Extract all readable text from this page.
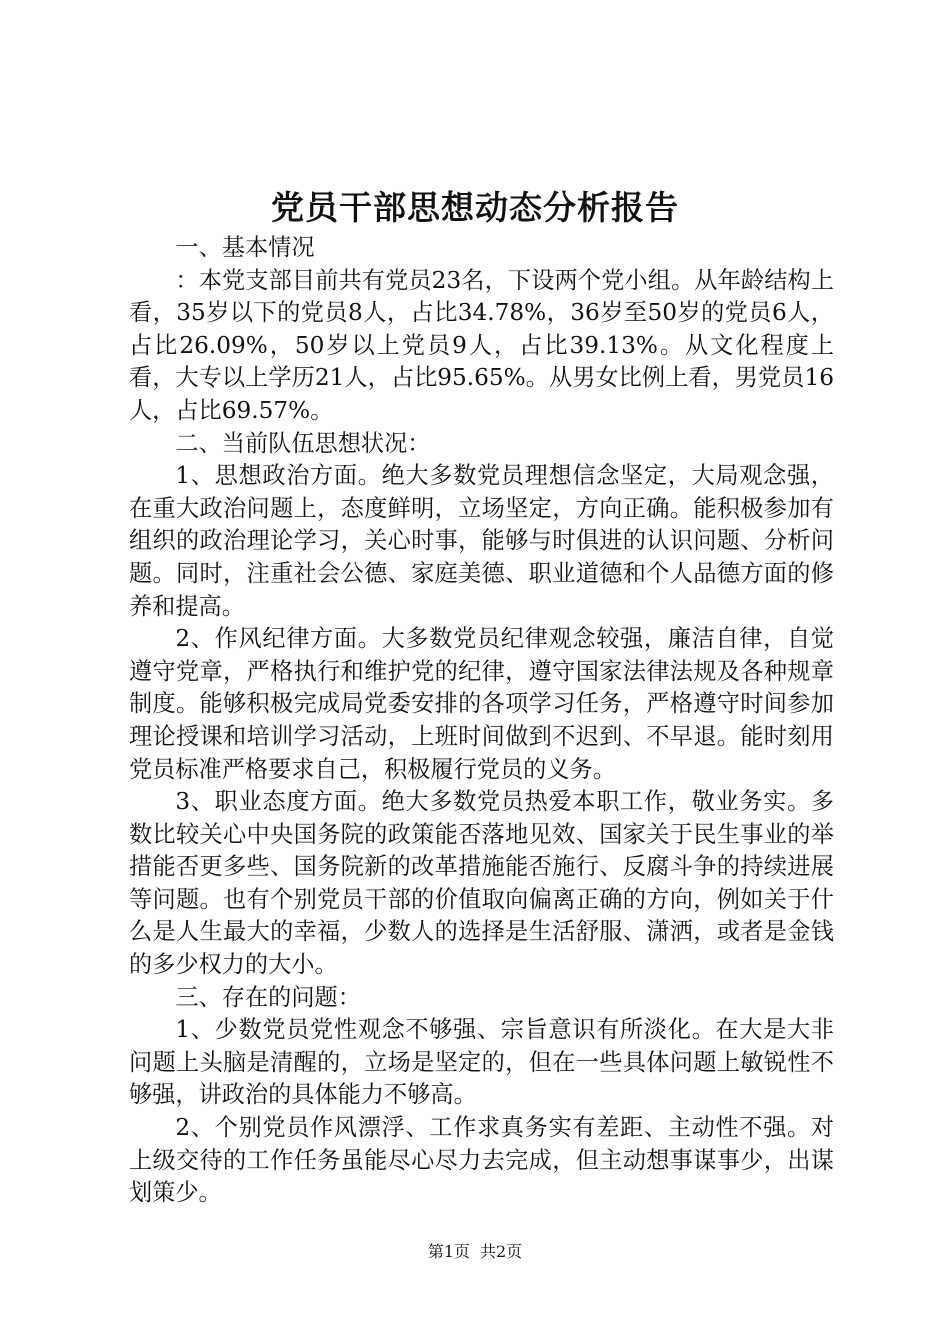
党员干部思想动态分析报告

一、基本情况

：本党支部目前共有党员23名，下设两个党小组。从年龄结构上看，35岁以下的党员8人，占比34.78%，36岁至50岁的党员6人，占比26.09%，50岁以上党员9人，占比39.13%。从文化程度上看，大专以上学历21人，占比95.65%。从男女比例上看，男党员16人，占比69.57%。

二、当前队伍思想状况：

1、思想政治方面。绝大多数党员理想信念坚定，大局观念强，在重大政治问题上，态度鲜明，立场坚定，方向正确。能积极参加有组织的政治理论学习，关心时事，能够与时俱进的认识问题、分析问题。同时，注重社会公德、家庭美德、职业道德和个人品德方面的修养和提高。

2、作风纪律方面。大多数党员纪律观念较强，廉洁自律，自觉遵守党章，严格执行和维护党的纪律，遵守国家法律法规及各种规章制度。能够积极完成局党委安排的各项学习任务，严格遵守时间参加理论授课和培训学习活动，上班时间做到不迟到、不早退。能时刻用党员标准严格要求自己，积极履行党员的义务。

3、职业态度方面。绝大多数党员热爱本职工作，敬业务实。多数比较关心中央国务院的政策能否落地见效、国家关于民生事业的举措能否更多些、国务院新的改革措施能否施行、反腐斗争的持续进展等问题。也有个别党员干部的价值取向偏离正确的方向，例如关于什么是人生最大的幸福，少数人的选择是生活舒服、潇洒，或者是金钱的多少权力的大小。

三、存在的问题：

1、少数党员党性观念不够强、宗旨意识有所淡化。在大是大非问题上头脑是清醒的，立场是坚定的，但在一些具体问题上敏锐性不够强，讲政治的具体能力不够高。

2、个别党员作风漂浮、工作求真务实有差距、主动性不强。对上级交待的工作任务虽能尽心尽力去完成，但主动想事谋事少，出谋划策少。

第1页 共2页
